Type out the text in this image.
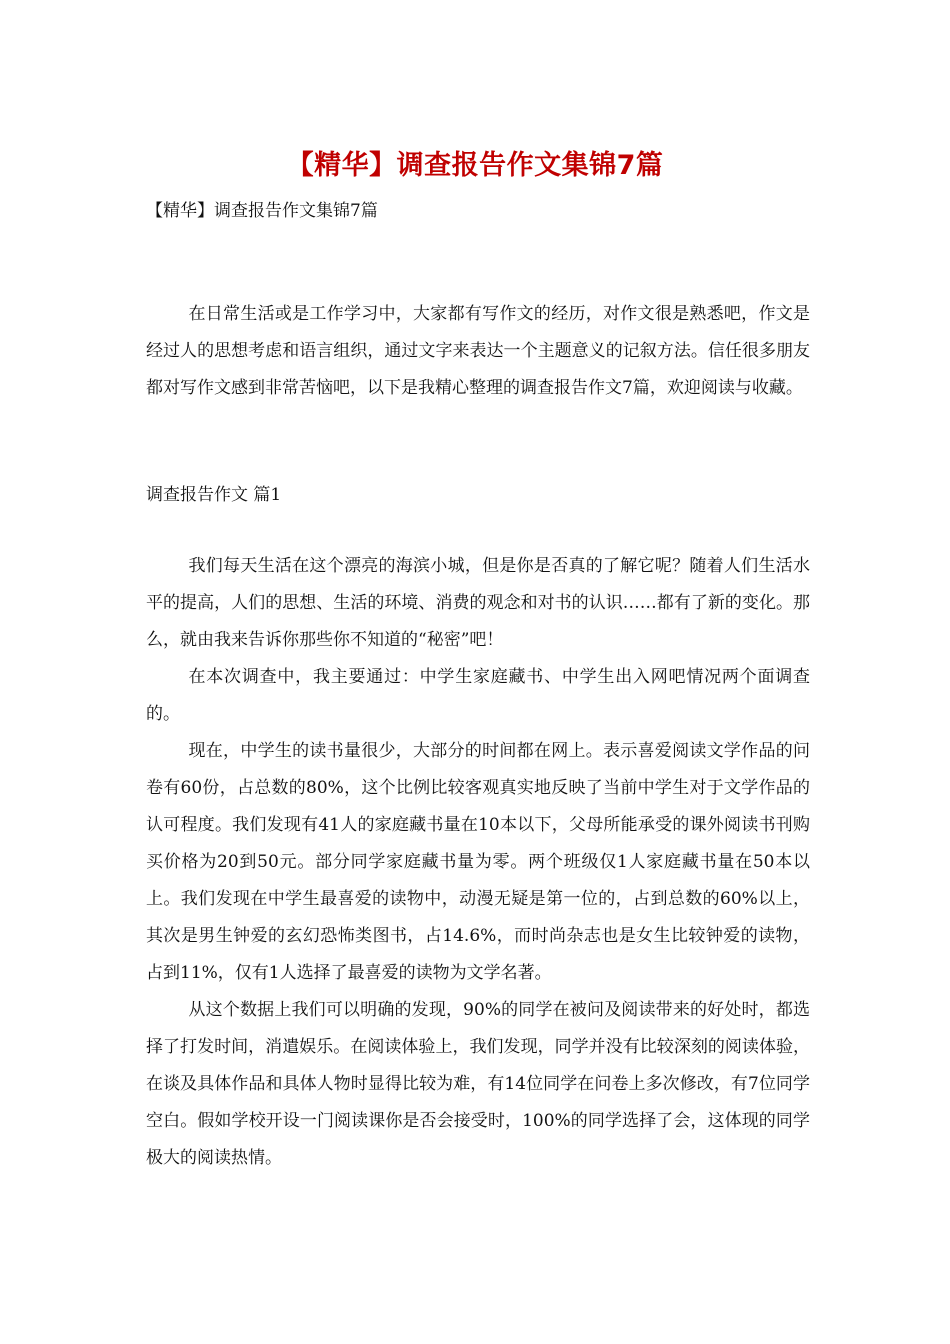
【精华】调查报告作文集锦7篇
【精华】调查报告作文集锦7篇

在日常生活或是工作学习中，大家都有写作文的经历，对作文很是熟悉吧，作文是经过人的思想考虑和语言组织，通过文字来表达一个主题意义的记叙方法。信任很多朋友都对写作文感到非常苦恼吧，以下是我精心整理的调查报告作文7篇，欢迎阅读与收藏。

调查报告作文 篇1

我们每天生活在这个漂亮的海滨小城，但是你是否真的了解它呢？随着人们生活水平的提高，人们的思想、生活的环境、消费的观念和对书的认识……都有了新的变化。那么，就由我来告诉你那些你不知道的“秘密”吧！

在本次调查中，我主要通过：中学生家庭藏书、中学生出入网吧情况两个面调查的。

现在，中学生的读书量很少，大部分的时间都在网上。表示喜爱阅读文学作品的问卷有60份，占总数的80%，这个比例比较客观真实地反映了当前中学生对于文学作品的认可程度。我们发现有41人的家庭藏书量在10本以下，父母所能承受的课外阅读书刊购买价格为20到50元。部分同学家庭藏书量为零。两个班级仅1人家庭藏书量在50本以上。我们发现在中学生最喜爱的读物中，动漫无疑是第一位的，占到总数的60%以上，其次是男生钟爱的玄幻恐怖类图书，占14.6%，而时尚杂志也是女生比较钟爱的读物，占到11%，仅有1人选择了最喜爱的读物为文学名著。

从这个数据上我们可以明确的发现，90%的同学在被问及阅读带来的好处时，都选择了打发时间，消遣娱乐。在阅读体验上，我们发现，同学并没有比较深刻的阅读体验，在谈及具体作品和具体人物时显得比较为难，有14位同学在问卷上多次修改，有7位同学空白。假如学校开设一门阅读课你是否会接受时，100%的同学选择了会，这体现的同学极大的阅读热情。
